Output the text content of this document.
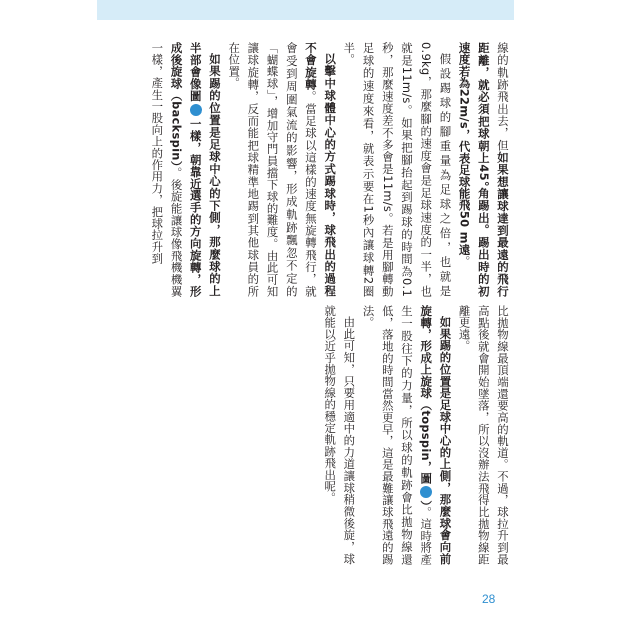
線的軌跡飛出去，但如果想讓球達到最遠的飛行距離，就必須把球朝上45°角踢出。踢出時的初速度若為22m/s，代表足球能飛50 m遠。

假設踢球的腳重量為足球之倍，也就是0.9kg，那麼腳的速度會是足球速度的一半，也就是11m/s。如果把腳抬起到踢球的時間為0.1秒，那麼速度差不多會是11m/s。若是用腳轉動足球的速度來看，就表示要在1秒內讓球轉2圈半。

以擊中球體中心的方式踢球時，球飛出的過程不會旋轉。當足球以這樣的速度無旋轉飛行，就會受到周圍氣流的影響，形成軌跡飄忽不定的「蝴蝶球」，增加守門員擋下球的難度。由此可知讓球旋轉，反而能把球精準地踢到其他球員的所在位置。

如果踢的位置是足球中心的下側，那麼球的上半部會像圖2一樣，朝靠近選手的方向旋轉，形成後旋球（backspin）。後旋能讓球像飛機機翼一樣，產生一股向上的作用力，把球拉升到

比拋物線最頂端還要高的軌道。不過，球拉升到最高點後就會開始墜落，所以沒辦法飛得比拋物線距離更遠。

如果踢的位置是足球中心的上側，那麼球會向前旋轉，形成上旋球（topspin，圖2）。這時將產生一股往下的力量，所以球的軌跡會比拋物線還低，落地的時間當然更早，這是最難讓球飛遠的踢法。

由此可知，只要用適中的力道讓球稍微後旋，球就能以近乎拋物線的穩定軌跡飛出呢。

28
